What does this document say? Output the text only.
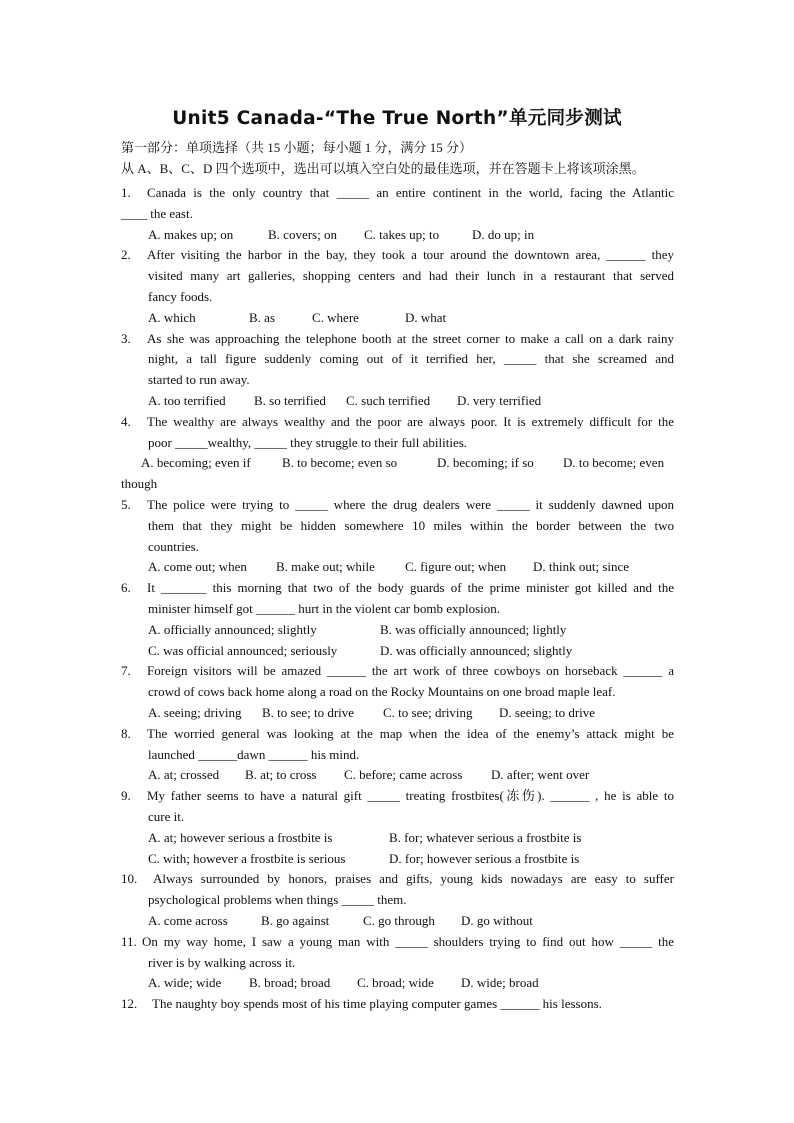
Unit5 Canada-“The True North”单元同步测试
第一部分：单项选择（共 15 小题；每小题 1 分，满分 15 分）
从 A、B、C、D 四个选项中，选出可以填入空白处的最佳选项，并在答题卡上将该项涂黑。
1. Canada is the only country that _____ an entire continent in the world, facing the Atlantic
____ the east.
A. makes up; on	B. covers; on C. takes up; to	D. do up; in
2. After visiting the harbor in the bay, they took a tour around the downtown area, ______ they
visited many art galleries, shopping centers and had their lunch in a restaurant that served
fancy foods.
A. which	B. as	C. where	D. what
3. As she was approaching the telephone booth at the street corner to make a call on a dark rainy
night, a tall figure suddenly coming out of it terrified her, _____ that she screamed and
started to run away.
A. too terrified B. so terrified C. such terrified D. very terrified
4. The wealthy are always wealthy and the poor are always poor. It is extremely difficult for the
poor _____wealthy, _____ they struggle to their full abilities.
A. becoming; even if B. to become; even so	D. becoming; if so D. to become; even
though
5. The police were trying to _____ where the drug dealers were _____ it suddenly dawned upon
them that they might be hidden somewhere 10 miles within the border between the two
countries.
A. come out; when B. make out; while C. figure out; when D. think out; since
6. It _______ this morning that two of the body guards of the prime minister got killed and the
minister himself got ______ hurt in the violent car bomb explosion.
A. officially announced; slightly	B. was officially announced; lightly
C. was official announced; seriously	D. was officially announced; slightly
7. Foreign visitors will be amazed ______ the art work of three cowboys on horseback ______ a
crowd of cows back home along a road on the Rocky Mountains on one broad maple leaf.
A. seeing; driving B. to see; to drive C. to see; driving D. seeing; to drive
8. The worried general was looking at the map when the idea of the enemy’s attack might be
launched ______dawn ______ his mind.
A. at; crossed B. at; to cross C. before; came across D. after; went over
9. My father seems to have a natural gift _____ treating frostbites(冻伤). ______ , he is able to
cure it.
A. at; however serious a frostbite is	B. for; whatever serious a frostbite is
C. with; however a frostbite is serious	D. for; however serious a frostbite is
10. Always surrounded by honors, praises and gifts, young kids nowadays are easy to suffer
psychological problems when things _____ them.
A. come across	B. go against	C. go through D. go without
11. On my way home, I saw a young man with _____ shoulders trying to find out how _____ the
river is by walking across it.
A. wide; wide B. broad; broad C. broad; wide D. wide; broad
12. The naughty boy spends most of his time playing computer games ______ his lessons.
